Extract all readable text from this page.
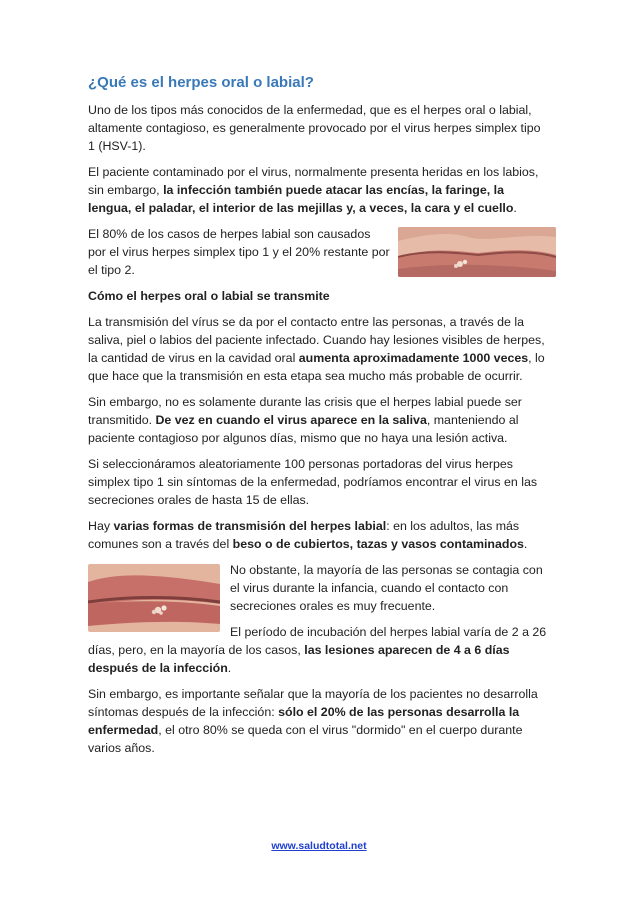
¿Qué es el herpes oral o labial?

Uno de los tipos más conocidos de la enfermedad, que es el herpes oral o labial, altamente contagioso, es generalmente provocado por el virus herpes simplex tipo 1 (HSV-1).

El paciente contaminado por el virus, normalmente presenta heridas en los labios, sin embargo, la infección también puede atacar las encías, la faringe, la lengua, el paladar, el interior de las mejillas y, a veces, la cara y el cuello.

El 80% de los casos de herpes labial son causados por el virus herpes simplex tipo 1 y el 20% restante por el tipo 2.

Cómo el herpes oral o labial se transmite

La transmisión del vírus se da por el contacto entre las personas, a través de la saliva, piel o labios del paciente infectado. Cuando hay lesiones visibles de herpes, la cantidad de virus en la cavidad oral aumenta aproximadamente 1000 veces, lo que hace que la transmisión en esta etapa sea mucho más probable de ocurrir.

Sin embargo, no es solamente durante las crisis que el herpes labial puede ser transmitido. De vez en cuando el virus aparece en la saliva, manteniendo al paciente contagioso por algunos días, mismo que no haya una lesión activa.

Si seleccionáramos aleatoriamente 100 personas portadoras del virus herpes simplex tipo 1 sin síntomas de la enfermedad, podríamos encontrar el virus en las secreciones orales de hasta 15 de ellas.

Hay varias formas de transmisión del herpes labial: en los adultos, las más comunes son a través del beso o de cubiertos, tazas y vasos contaminados.

No obstante, la mayoría de las personas se contagia con el virus durante la infancia, cuando el contacto con secreciones orales es muy frecuente.

El período de incubación del herpes labial varía de 2 a 26 días, pero, en la mayoría de los casos, las lesiones aparecen de 4 a 6 días después de la infección.

Sin embargo, es importante señalar que la mayoría de los pacientes no desarrolla síntomas después de la infección: sólo el 20% de las personas desarrolla la enfermedad, el otro 80% se queda con el virus "dormido" en el cuerpo durante varios años.

www.saludtotal.net
